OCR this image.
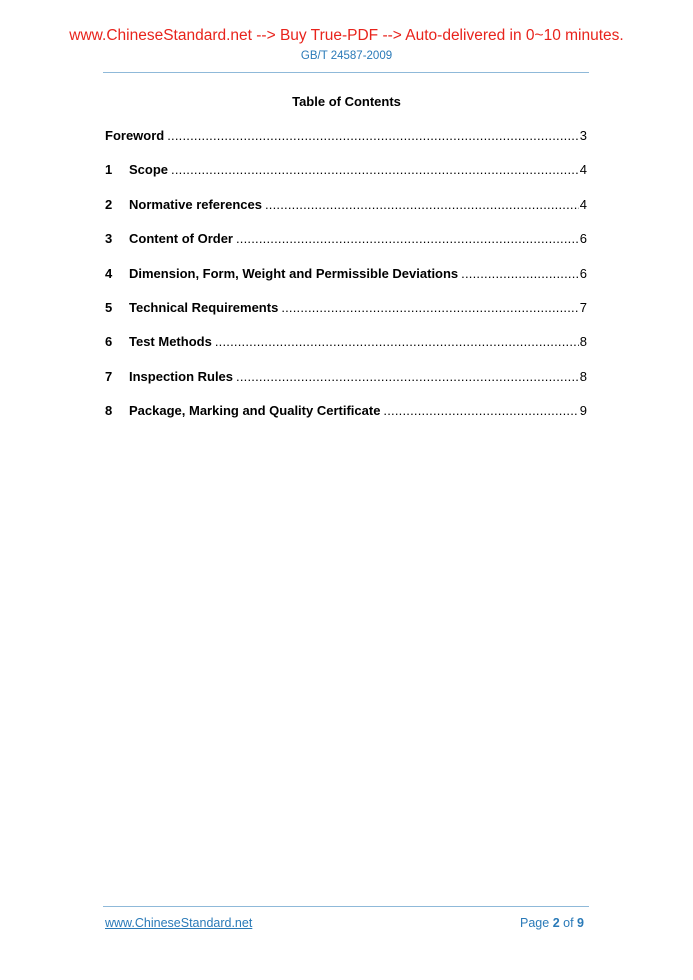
www.ChineseStandard.net --> Buy True-PDF --> Auto-delivered in 0~10 minutes.
GB/T 24587-2009
Table of Contents
Foreword .....	3
1	Scope .....	4
2	Normative references .....	4
3	Content of Order .....	6
4	Dimension, Form, Weight and Permissible Deviations .....	6
5	Technical Requirements .....	7
6	Test Methods .....	8
7	Inspection Rules .....	8
8	Package, Marking and Quality Certificate .....	9
www.ChineseStandard.net	Page 2 of 9
